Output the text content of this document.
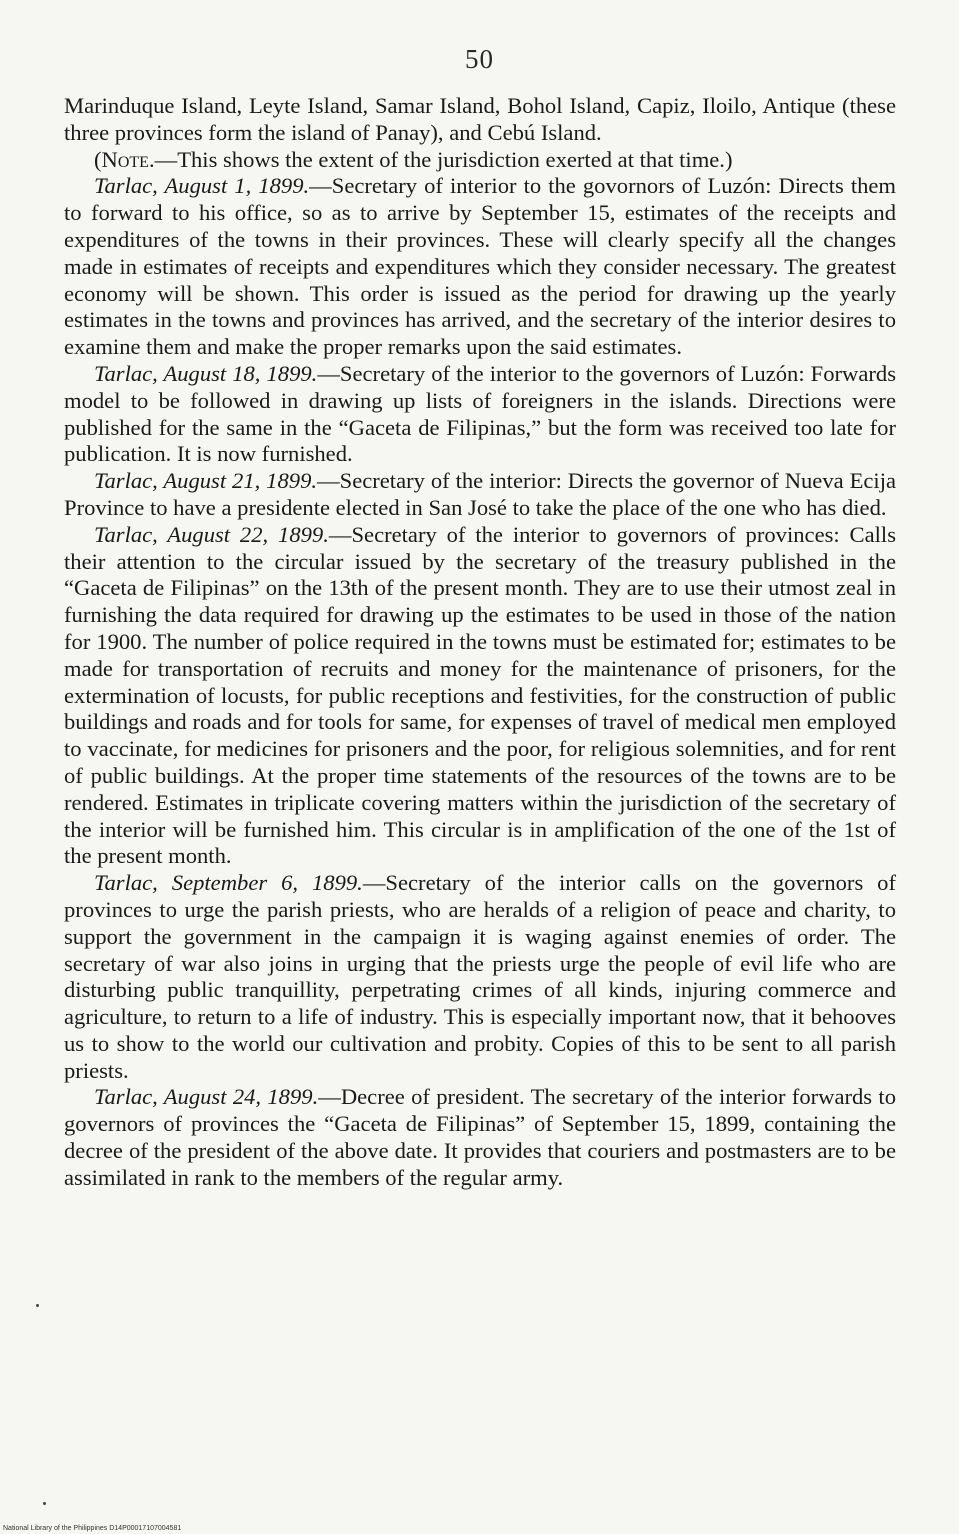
50

Marinduque Island, Leyte Island, Samar Island, Bohol Island, Capiz, Iloilo, Antique (these three provinces form the island of Panay), and Cebú Island.

(Note.—This shows the extent of the jurisdiction exerted at that time.)

Tarlac, August 1, 1899.—Secretary of interior to the govornors of Luzón: Directs them to forward to his office, so as to arrive by September 15, estimates of the receipts and expenditures of the towns in their provinces. These will clearly specify all the changes made in estimates of receipts and expenditures which they consider necessary. The greatest economy will be shown. This order is issued as the period for drawing up the yearly estimates in the towns and provinces has arrived, and the secretary of the interior desires to examine them and make the proper remarks upon the said estimates.

Tarlac, August 18, 1899.—Secretary of the interior to the governors of Luzón: Forwards model to be followed in drawing up lists of foreigners in the islands. Directions were published for the same in the “Gaceta de Filipinas,” but the form was received too late for publication. It is now furnished.

Tarlac, August 21, 1899.—Secretary of the interior: Directs the governor of Nueva Ecija Province to have a presidente elected in San José to take the place of the one who has died.

Tarlac, August 22, 1899.—Secretary of the interior to governors of provinces: Calls their attention to the circular issued by the secretary of the treasury published in the “Gaceta de Filipinas” on the 13th of the present month. They are to use their utmost zeal in furnishing the data required for drawing up the estimates to be used in those of the nation for 1900. The number of police required in the towns must be estimated for; estimates to be made for transportation of recruits and money for the maintenance of prisoners, for the extermination of locusts, for public receptions and festivities, for the construction of public buildings and roads and for tools for same, for expenses of travel of medical men employed to vaccinate, for medicines for prisoners and the poor, for religious solemnities, and for rent of public buildings. At the proper time statements of the resources of the towns are to be rendered. Estimates in triplicate covering matters within the jurisdiction of the secretary of the interior will be furnished him. This circular is in amplification of the one of the 1st of the present month.

Tarlac, September 6, 1899.—Secretary of the interior calls on the governors of provinces to urge the parish priests, who are heralds of a religion of peace and charity, to support the government in the campaign it is waging against enemies of order. The secretary of war also joins in urging that the priests urge the people of evil life who are disturbing public tranquillity, perpetrating crimes of all kinds, injuring commerce and agriculture, to return to a life of industry. This is especially important now, that it behooves us to show to the world our cultivation and probity. Copies of this to be sent to all parish priests.

Tarlac, August 24, 1899.—Decree of president. The secretary of the interior forwards to governors of provinces the “Gaceta de Filipinas” of September 15, 1899, containing the decree of the president of the above date. It provides that couriers and postmasters are to be assimilated in rank to the members of the regular army.

National Library of the Philippines D14P00017107004581
